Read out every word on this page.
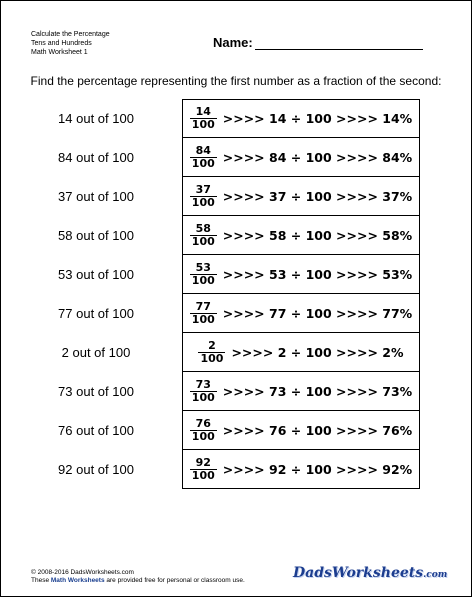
Calculate the Percentage
Tens and Hundreds
Math Worksheet 1
Name:
Find the percentage representing the first number as a fraction of the second:
14 out of 100	$\frac{14}{100}$ >>>> 14 ÷ 100 >>>> 14%
84 out of 100	$\frac{84}{100}$ >>>> 84 ÷ 100 >>>> 84%
37 out of 100	$\frac{37}{100}$ >>>> 37 ÷ 100 >>>> 37%
58 out of 100	$\frac{58}{100}$ >>>> 58 ÷ 100 >>>> 58%
53 out of 100	$\frac{53}{100}$ >>>> 53 ÷ 100 >>>> 53%
77 out of 100	$\frac{77}{100}$ >>>> 77 ÷ 100 >>>> 77%
2 out of 100	$\frac{2}{100}$ >>>> 2 ÷ 100 >>>> 2%
73 out of 100	$\frac{73}{100}$ >>>> 73 ÷ 100 >>>> 73%
76 out of 100	$\frac{76}{100}$ >>>> 76 ÷ 100 >>>> 76%
92 out of 100	$\frac{92}{100}$ >>>> 92 ÷ 100 >>>> 92%
© 2008-2016 DadsWorksheets.com
These Math Worksheets are provided free for personal or classroom use.	DadsWorksheets.com
